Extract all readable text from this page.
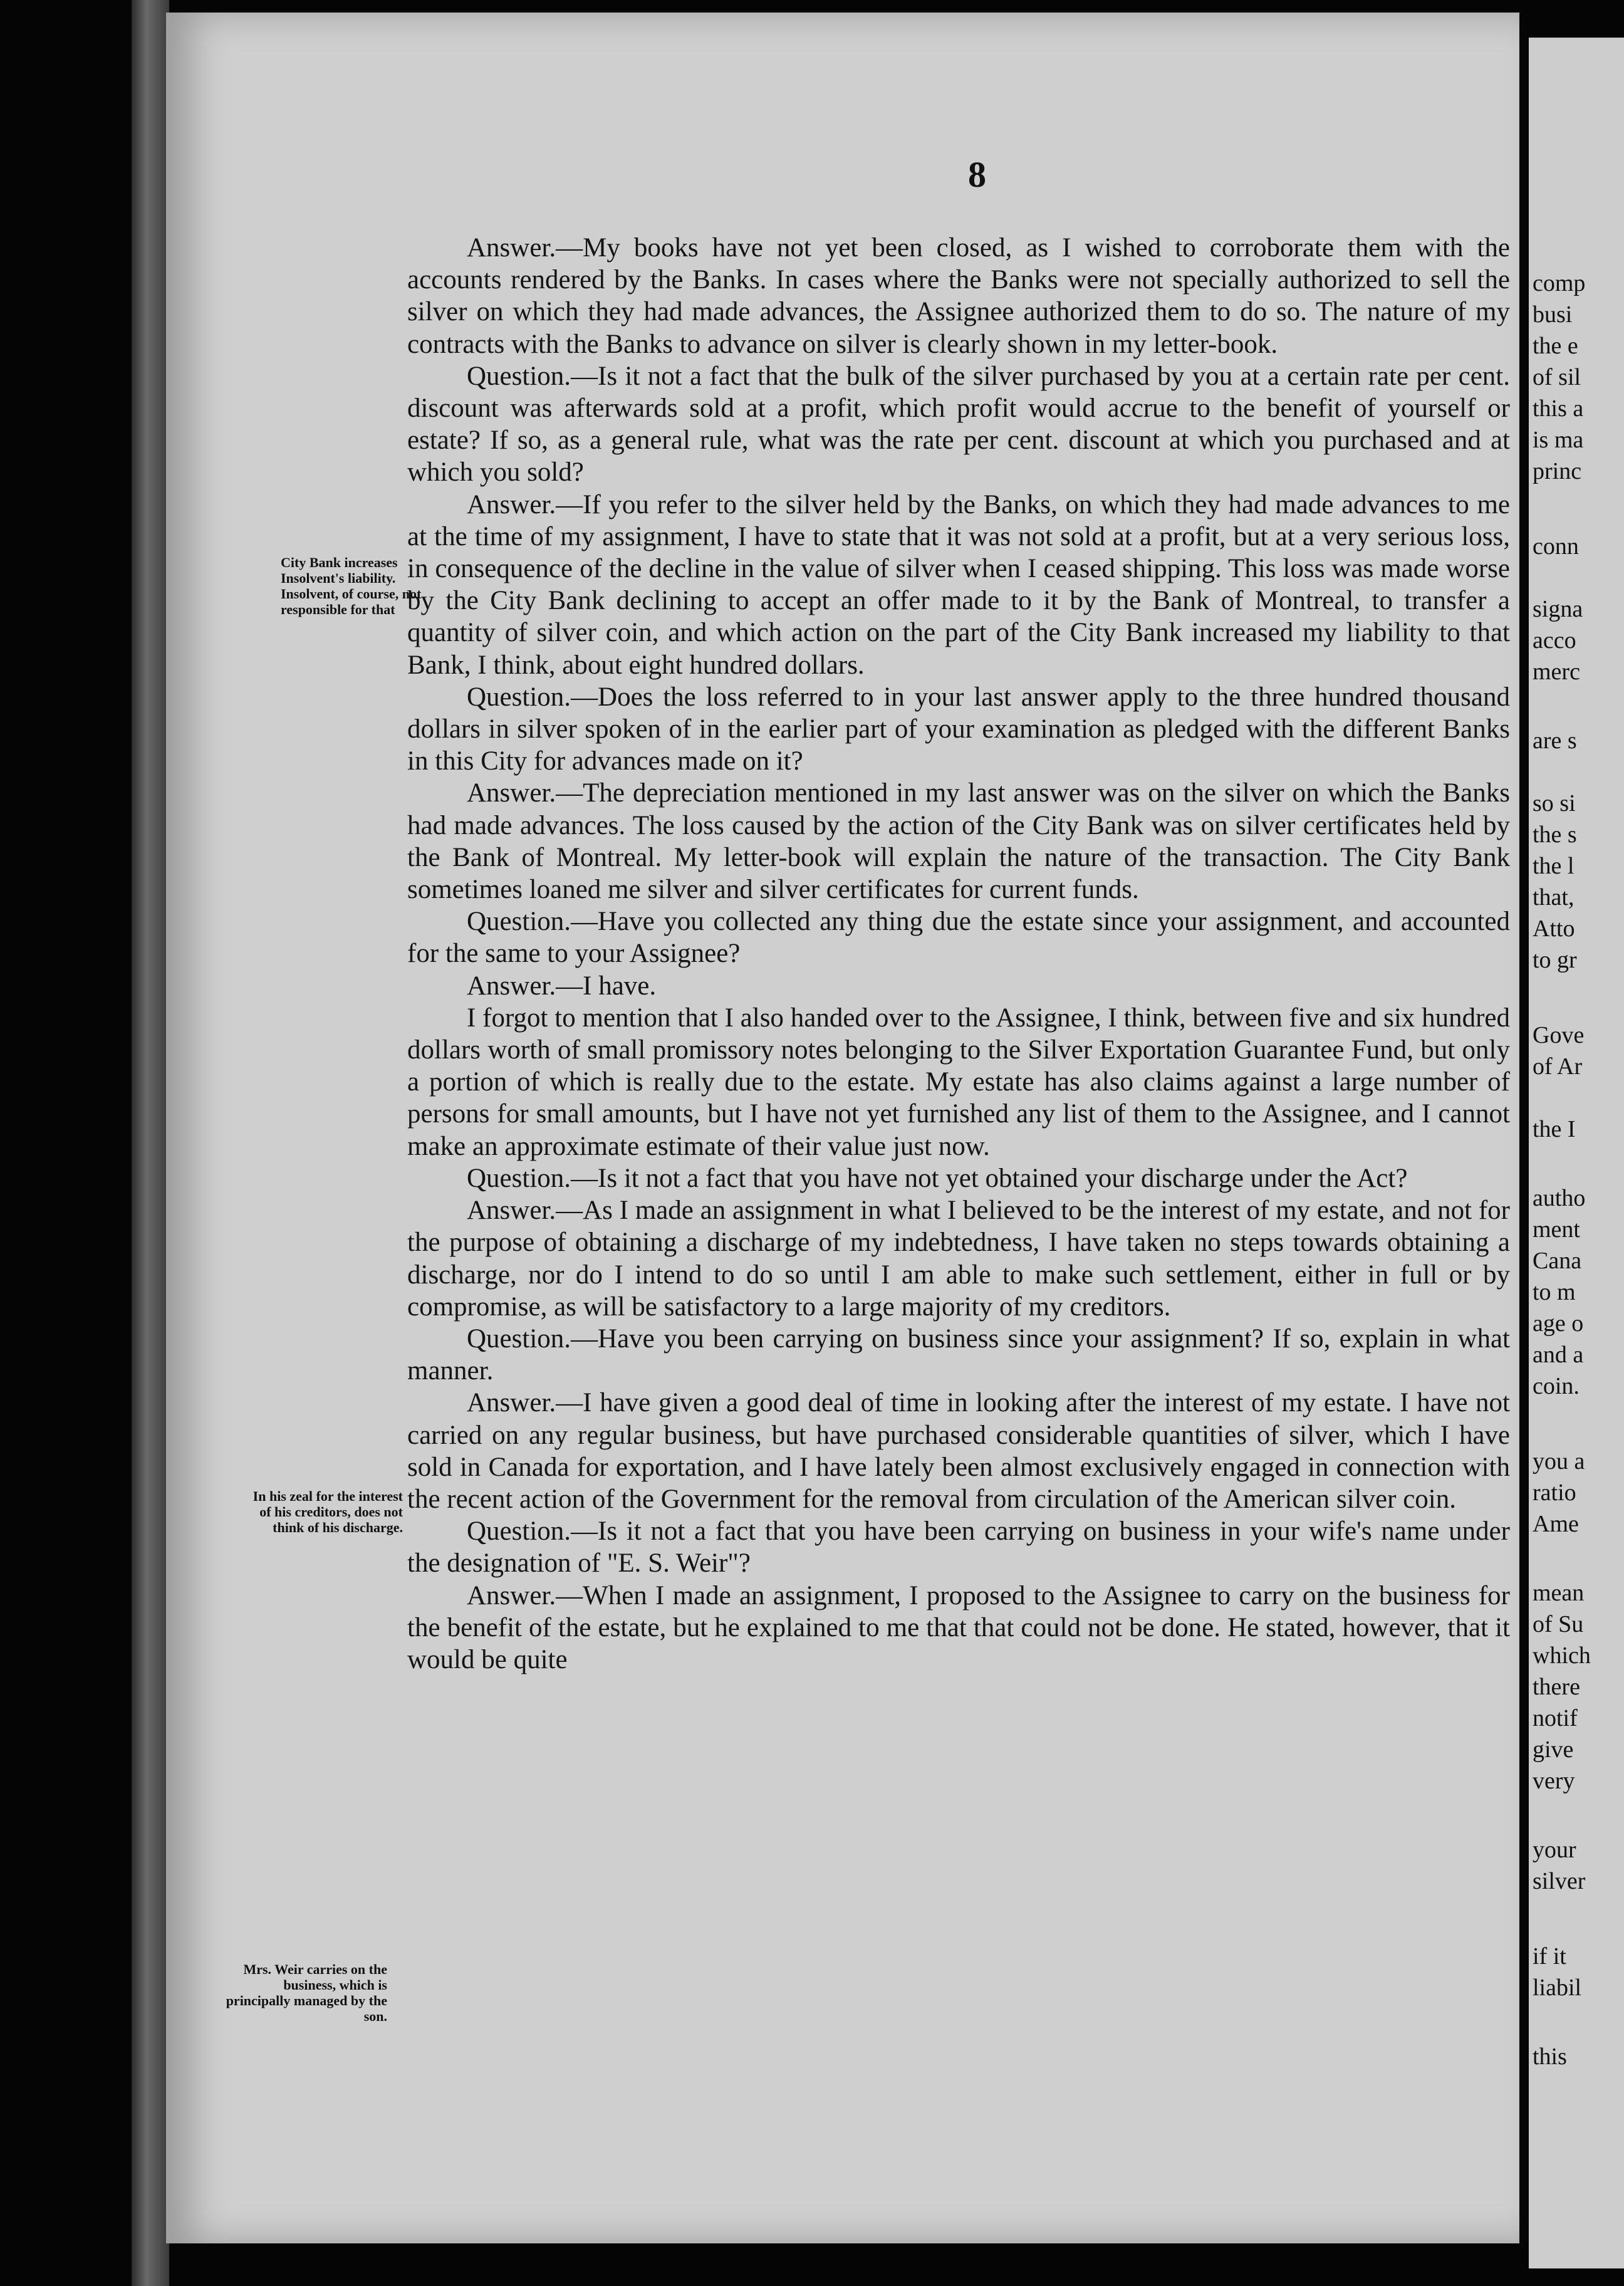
8
City Bank increases Insolvent's liability. Insolvent, of course, not responsible for that
In his zeal for the interest of his creditors, does not think of his discharge.
Mrs. Weir carries on the business, which is principally managed by the son.

Answer.—My books have not yet been closed, as I wished to corroborate them with the accounts rendered by the Banks. In cases where the Banks were not specially authorized to sell the silver on which they had made advances, the Assignee authorized them to do so. The nature of my contracts with the Banks to advance on silver is clearly shown in my letter-book.

Question.—Is it not a fact that the bulk of the silver purchased by you at a certain rate per cent. discount was afterwards sold at a profit, which profit would accrue to the benefit of yourself or estate? If so, as a general rule, what was the rate per cent. discount at which you purchased and at which you sold?

Answer.—If you refer to the silver held by the Banks, on which they had made advances to me at the time of my assignment, I have to state that it was not sold at a profit, but at a very serious loss, in consequence of the decline in the value of silver when I ceased shipping. This loss was made worse by the City Bank declining to accept an offer made to it by the Bank of Montreal, to transfer a quantity of silver coin, and which action on the part of the City Bank increased my liability to that Bank, I think, about eight hundred dollars.

Question.—Does the loss referred to in your last answer apply to the three hundred thousand dollars in silver spoken of in the earlier part of your examination as pledged with the different Banks in this City for advances made on it?

Answer.—The depreciation mentioned in my last answer was on the silver on which the Banks had made advances. The loss caused by the action of the City Bank was on silver certificates held by the Bank of Montreal. My letter-book will explain the nature of the transaction. The City Bank sometimes loaned me silver and silver certificates for current funds.

Question.—Have you collected any thing due the estate since your assignment, and accounted for the same to your Assignee?

Answer.—I have.

I forgot to mention that I also handed over to the Assignee, I think, between five and six hundred dollars worth of small promissory notes belonging to the Silver Exportation Guarantee Fund, but only a portion of which is really due to the estate. My estate has also claims against a large number of persons for small amounts, but I have not yet furnished any list of them to the Assignee, and I cannot make an approximate estimate of their value just now.

Question.—Is it not a fact that you have not yet obtained your discharge under the Act?

Answer.—As I made an assignment in what I believed to be the interest of my estate, and not for the purpose of obtaining a discharge of my indebtedness, I have taken no steps towards obtaining a discharge, nor do I intend to do so until I am able to make such settlement, either in full or by compromise, as will be satisfactory to a large majority of my creditors.

Question.—Have you been carrying on business since your assignment? If so, explain in what manner.

Answer.—I have given a good deal of time in looking after the interest of my estate. I have not carried on any regular business, but have purchased considerable quantities of silver, which I have sold in Canada for exportation, and I have lately been almost exclusively engaged in connection with the recent action of the Government for the removal from circulation of the American silver coin.

Question.—Is it not a fact that you have been carrying on business in your wife's name under the designation of "E. S. Weir"?

Answer.—When I made an assignment, I proposed to the Assignee to carry on the business for the benefit of the estate, but he explained to me that that could not be done. He stated, however, that it would be quite

comp
busi
the e
of sil
this a
is ma
princ
conn
signa
acco
merc
are s
so si
the s
the l
that,
Atto
to gr
Gove
of Ar
the I
autho
ment
Cana
to m
age o
and a
coin.
you a
ratio
Ame
mean
of Su
which
there
notif
give
very
your
silver
if it
liabil
this
